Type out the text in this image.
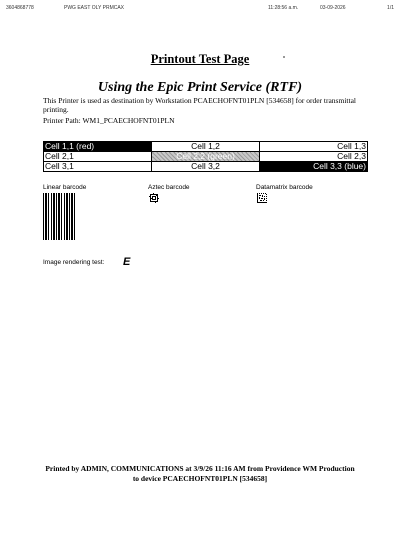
3604868778	PWG EAST OLY PRMCAX	11:28:56 a.m.	03-09-2026	1/1
Printout Test Page
Using the Epic Print Service (RTF)
This Printer is used as destination by Workstation PCAECHOFNT01PLN [534658] for order transmittal printing.
Printer Path: WM1_PCAECHOFNT01PLN
Cell 1,1 (red)	Cell 1,2	Cell 1,3
Cell 2,1	Cell 2,2 (green)	Cell 2,3
Cell 3,1	Cell 3,2	Cell 3,3 (blue)
Linear barcode	Aztec barcode	Datamatrix barcode
Image rendering test: E
Printed by ADMIN, COMMUNICATIONS at 3/9/26 11:16 AM from Providence WM Production
to device PCAECHOFNT01PLN [534658]
